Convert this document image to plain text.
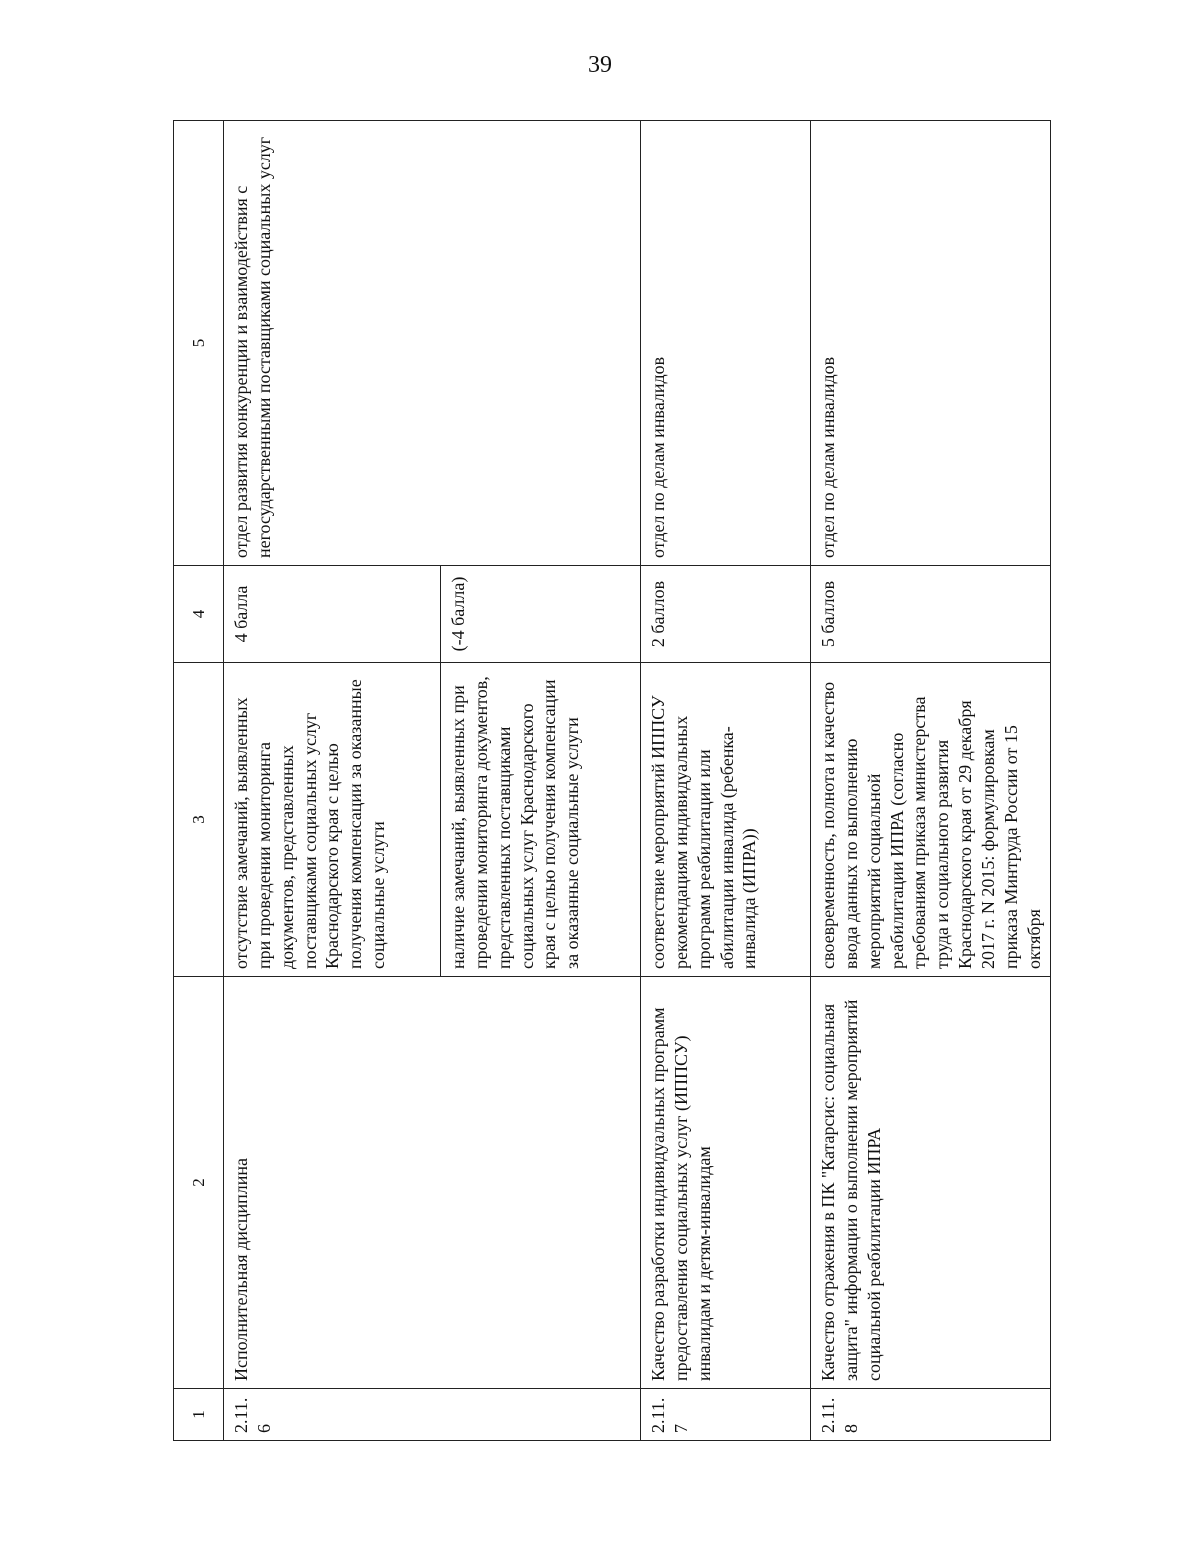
39
1	2	3	4	5
2.11.6	Исполнительная дисциплина	отсутствие замечаний, выявленных при проведении мониторинга документов, представленных поставщиками социальных услуг Краснодарского края с целью получения компенсации за оказанные социальные услуги	4 балла	отдел развития конкуренции и взаимодействия с негосударственными поставщиками социальных услуг
		наличие замечаний, выявленных при проведении мониторинга документов, представленных поставщиками социальных услуг Краснодарского края с целью получения компенсации за оказанные социальные услуги	(-4 балла)	
2.11.7	Качество разработки индивидуальных программ предоставления социальных услуг (ИППСУ) инвалидам и детям-инвалидам	соответствие мероприятий ИППСУ рекомендациям индивидуальных программ реабилитации или абилитации инвалида (ребенка-инвалида (ИПРА))	2 баллов	отдел по делам инвалидов
2.11.8	Качество отражения в ПК "Катарсис: социальная защита" информации о выполнении мероприятий социальной реабилитации ИПРА	своевременность, полнота и качество ввода данных по выполнению мероприятий социальной реабилитации ИПРА (согласно требованиям приказа министерства труда и социального развития Краснодарского края от 29 декабря 2017 г. N 2015: формулировкам приказа Минтруда России от 15 октября	5 баллов	отдел по делам инвалидов
